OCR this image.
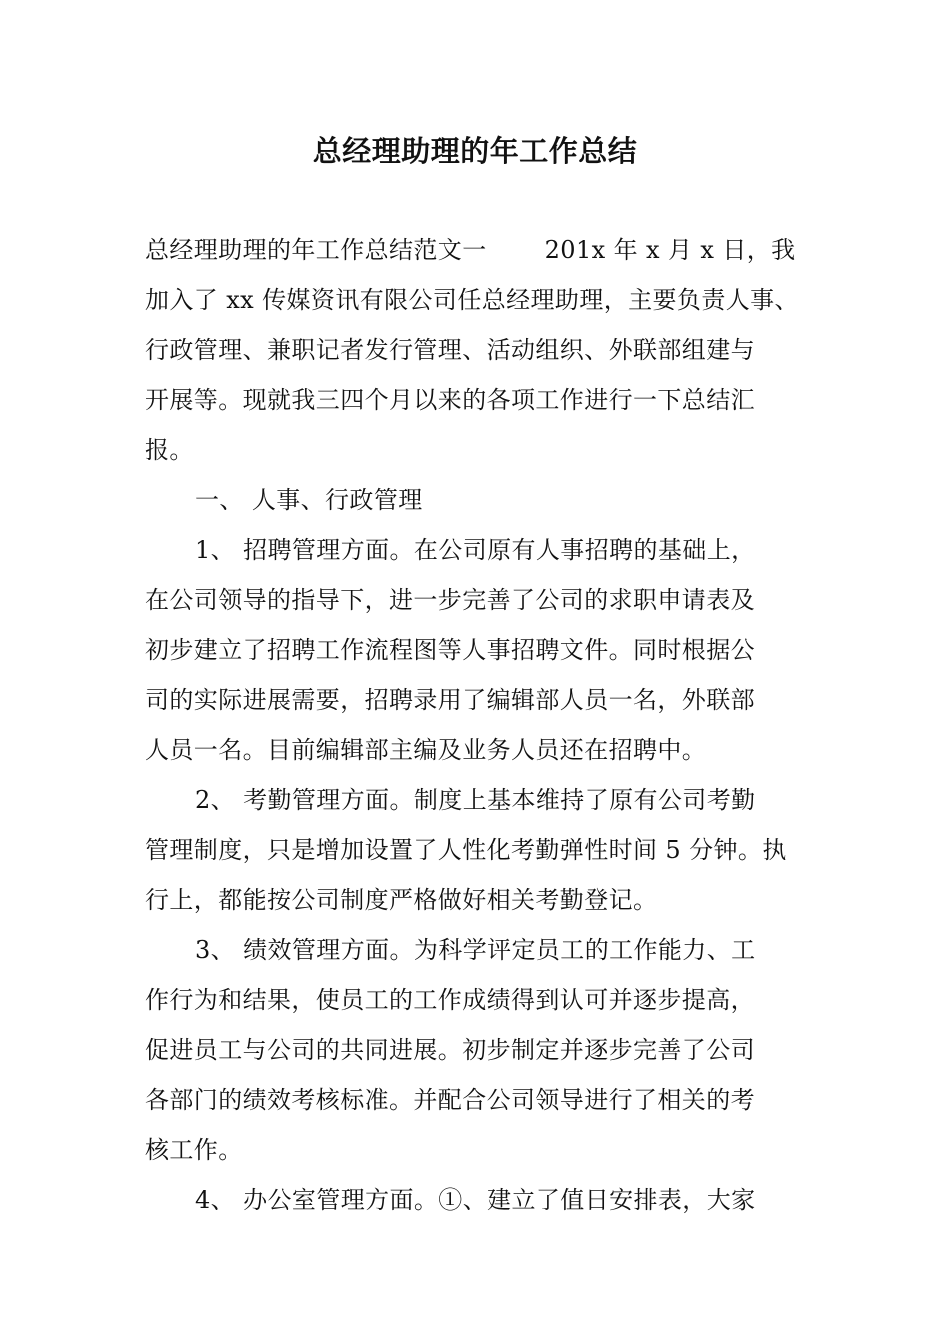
总经理助理的年工作总结
总经理助理的年工作总结范文一 201x 年 x 月 x 日，我
加入了 xx 传媒资讯有限公司任总经理助理，主要负责人事、
行政管理、兼职记者发行管理、活动组织、外联部组建与
开展等。现就我三四个月以来的各项工作进行一下总结汇
报。
一、 人事、行政管理
1、 招聘管理方面。在公司原有人事招聘的基础上，
在公司领导的指导下，进一步完善了公司的求职申请表及
初步建立了招聘工作流程图等人事招聘文件。同时根据公
司的实际进展需要，招聘录用了编辑部人员一名，外联部
人员一名。目前编辑部主编及业务人员还在招聘中。
2、 考勤管理方面。制度上基本维持了原有公司考勤
管理制度，只是增加设置了人性化考勤弹性时间 5 分钟。执
行上，都能按公司制度严格做好相关考勤登记。
3、 绩效管理方面。为科学评定员工的工作能力、工
作行为和结果，使员工的工作成绩得到认可并逐步提高，
促进员工与公司的共同进展。初步制定并逐步完善了公司
各部门的绩效考核标准。并配合公司领导进行了相关的考
核工作。
4、 办公室管理方面。①、建立了值日安排表，大家
